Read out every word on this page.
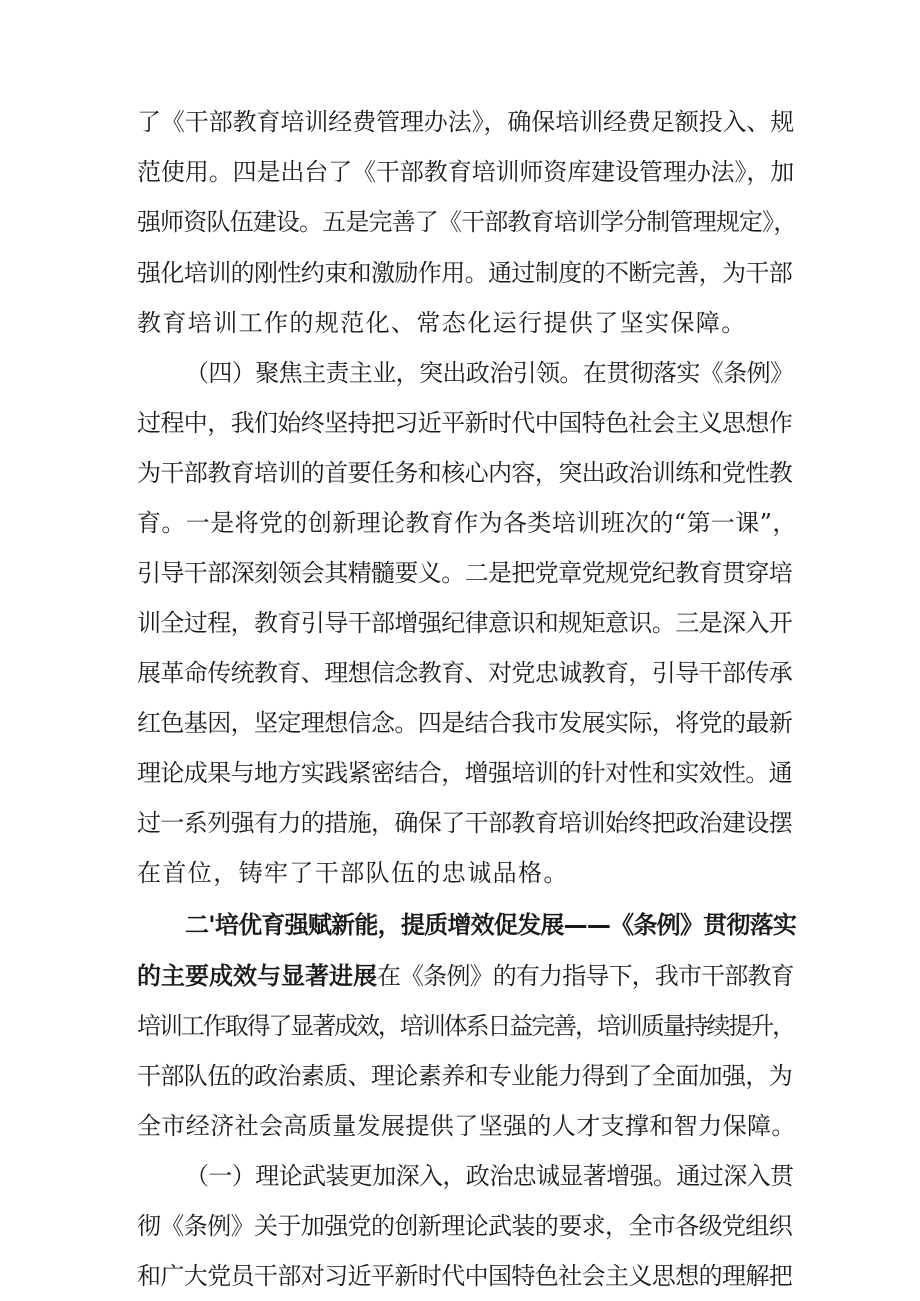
了《干部教育培训经费管理办法》，确保培训经费足额投入、规
范使用。四是出台了《干部教育培训师资库建设管理办法》，加
强师资队伍建设。五是完善了《干部教育培训学分制管理规定》，
强化培训的刚性约束和激励作用。通过制度的不断完善，为干部
教育培训工作的规范化、常态化运行提供了坚实保障。
（四）聚焦主责主业，突出政治引领。在贯彻落实《条例》
过程中，我们始终坚持把习近平新时代中国特色社会主义思想作
为干部教育培训的首要任务和核心内容，突出政治训练和党性教
育。一是将党的创新理论教育作为各类培训班次的“第一课”，
引导干部深刻领会其精髓要义。二是把党章党规党纪教育贯穿培
训全过程，教育引导干部增强纪律意识和规矩意识。三是深入开
展革命传统教育、理想信念教育、对党忠诚教育，引导干部传承
红色基因，坚定理想信念。四是结合我市发展实际，将党的最新
理论成果与地方实践紧密结合，增强培训的针对性和实效性。通
过一系列强有力的措施，确保了干部教育培训始终把政治建设摆
在首位，铸牢了干部队伍的忠诚品格。
二'培优育强赋新能，提质增效促发展——《条例》贯彻落实
的主要成效与显著进展在《条例》的有力指导下，我市干部教育
培训工作取得了显著成效，培训体系日益完善，培训质量持续提升，
干部队伍的政治素质、理论素养和专业能力得到了全面加强，为
全市经济社会高质量发展提供了坚强的人才支撑和智力保障。
（一）理论武装更加深入，政治忠诚显著增强。通过深入贯
彻《条例》关于加强党的创新理论武装的要求，全市各级党组织
和广大党员干部对习近平新时代中国特色社会主义思想的理解把
